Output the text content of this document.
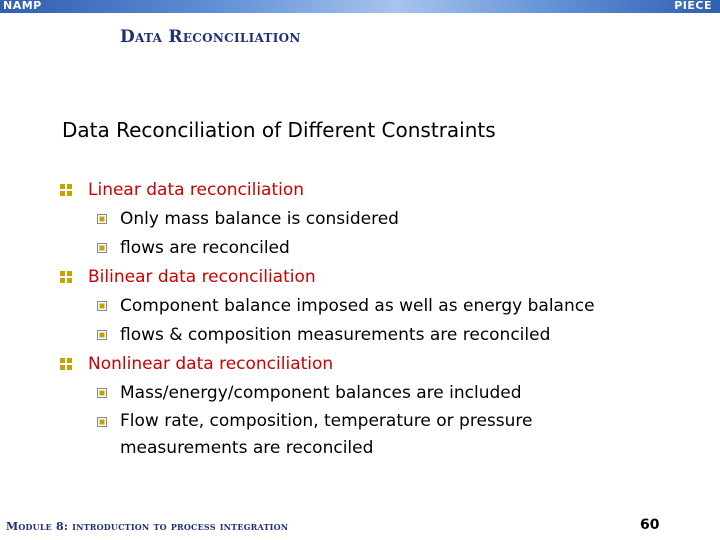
NAMP	PIECE
Data Reconciliation
Data Reconciliation of Different Constraints
Linear data reconciliation
Only mass balance is considered
flows are reconciled
Bilinear data reconciliation
Component balance imposed as well as energy balance
flows & composition measurements are reconciled
Nonlinear data reconciliation
Mass/energy/component balances are included
Flow rate, composition, temperature or pressure measurements are reconciled
Module 8: introduction to process integration	60
